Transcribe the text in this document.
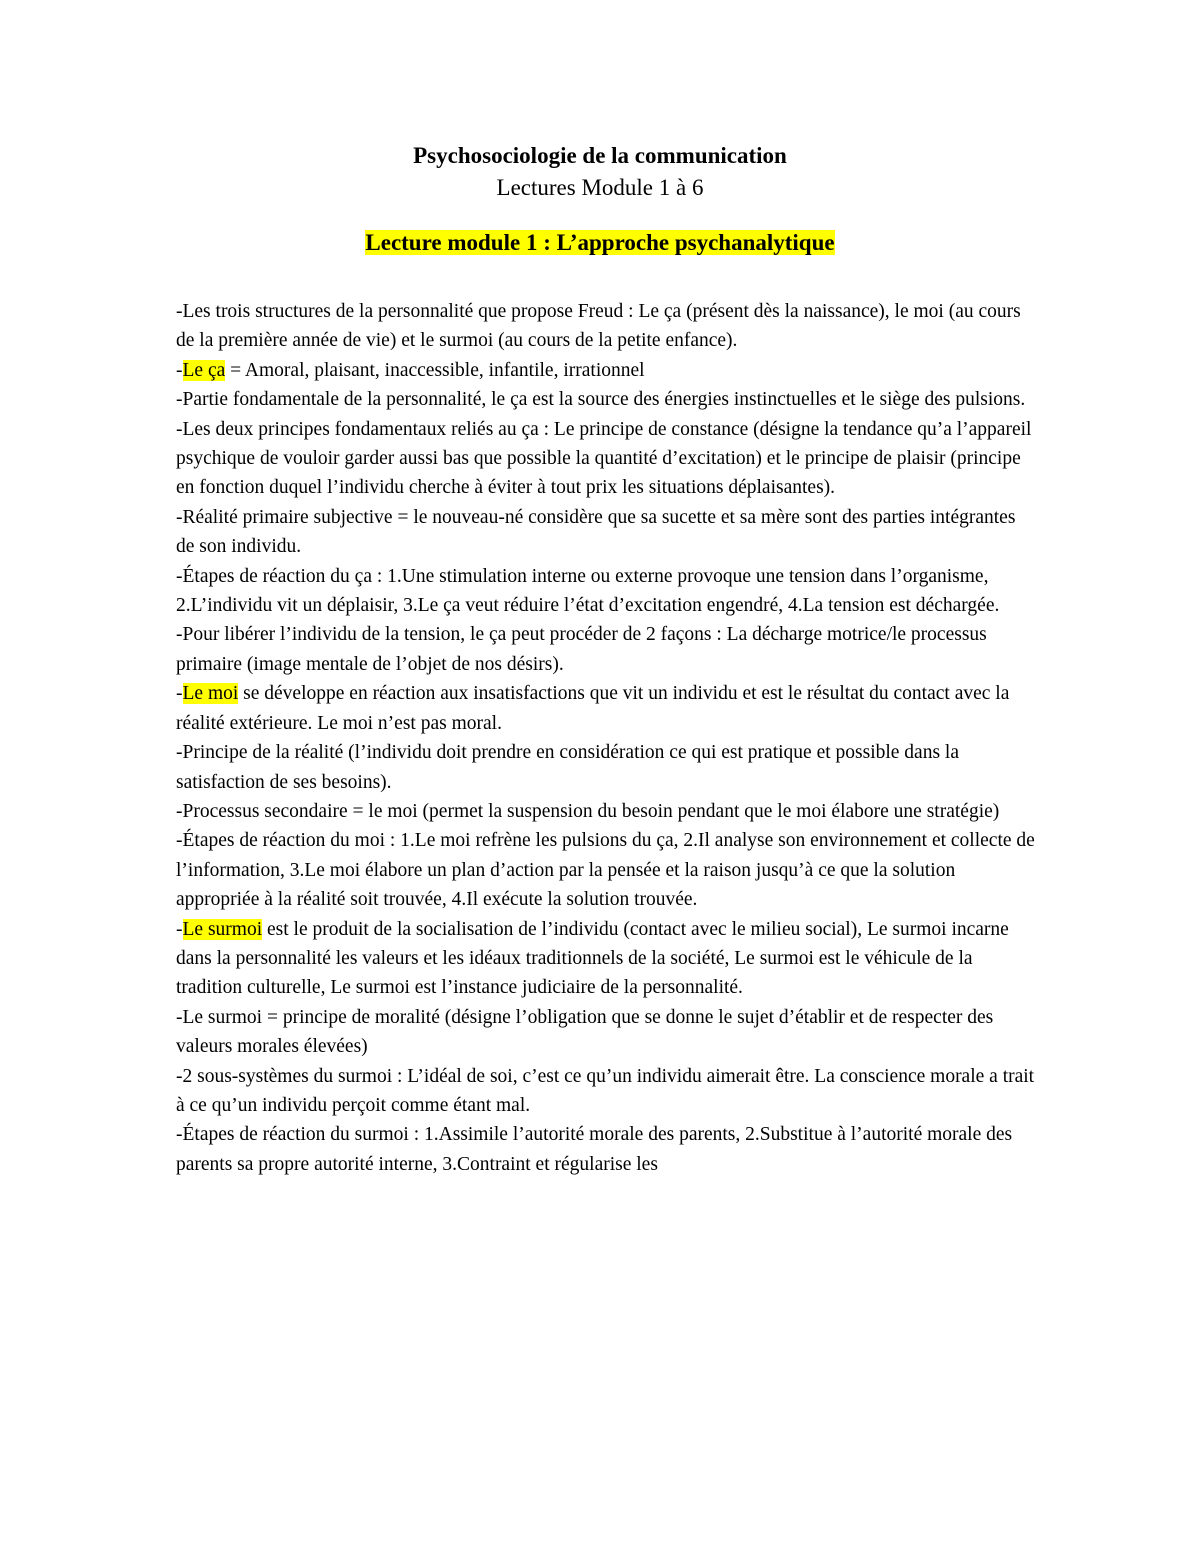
Psychosociologie de la communication

Lectures Module 1 à 6

Lecture module 1 : L’approche psychanalytique

-Les trois structures de la personnalité que propose Freud : Le ça (présent dès la naissance), le moi (au cours de la première année de vie) et le surmoi (au cours de la petite enfance).

-Le ça = Amoral, plaisant, inaccessible, infantile, irrationnel

-Partie fondamentale de la personnalité, le ça est la source des énergies instinctuelles et le siège des pulsions.

-Les deux principes fondamentaux reliés au ça : Le principe de constance (désigne la tendance qu’a l’appareil psychique de vouloir garder aussi bas que possible la quantité d’excitation) et le principe de plaisir (principe en fonction duquel l’individu cherche à éviter à tout prix les situations déplaisantes).

-Réalité primaire subjective = le nouveau-né considère que sa sucette et sa mère sont des parties intégrantes de son individu.

-Étapes de réaction du ça : 1.Une stimulation interne ou externe provoque une tension dans l’organisme, 2.L’individu vit un déplaisir, 3.Le ça veut réduire l’état d’excitation engendré, 4.La tension est déchargée.

-Pour libérer l’individu de la tension, le ça peut procéder de 2 façons : La décharge motrice/le processus primaire (image mentale de l’objet de nos désirs).

-Le moi se développe en réaction aux insatisfactions que vit un individu et est le résultat du contact avec la réalité extérieure. Le moi n’est pas moral.

-Principe de la réalité (l’individu doit prendre en considération ce qui est pratique et possible dans la satisfaction de ses besoins).

-Processus secondaire = le moi (permet la suspension du besoin pendant que le moi élabore une stratégie)

-Étapes de réaction du moi : 1.Le moi refrène les pulsions du ça, 2.Il analyse son environnement et collecte de l’information, 3.Le moi élabore un plan d’action par la pensée et la raison jusqu’à ce que la solution appropriée à la réalité soit trouvée, 4.Il exécute la solution trouvée.

-Le surmoi est le produit de la socialisation de l’individu (contact avec le milieu social), Le surmoi incarne dans la personnalité les valeurs et les idéaux traditionnels de la société, Le surmoi est le véhicule de la tradition culturelle, Le surmoi est l’instance judiciaire de la personnalité.

-Le surmoi = principe de moralité (désigne l’obligation que se donne le sujet d’établir et de respecter des valeurs morales élevées)

-2 sous-systèmes du surmoi : L’idéal de soi, c’est ce qu’un individu aimerait être. La conscience morale a trait à ce qu’un individu perçoit comme étant mal.

-Étapes de réaction du surmoi : 1.Assimile l’autorité morale des parents, 2.Substitue à l’autorité morale des parents sa propre autorité interne, 3.Contraint et régularise les
